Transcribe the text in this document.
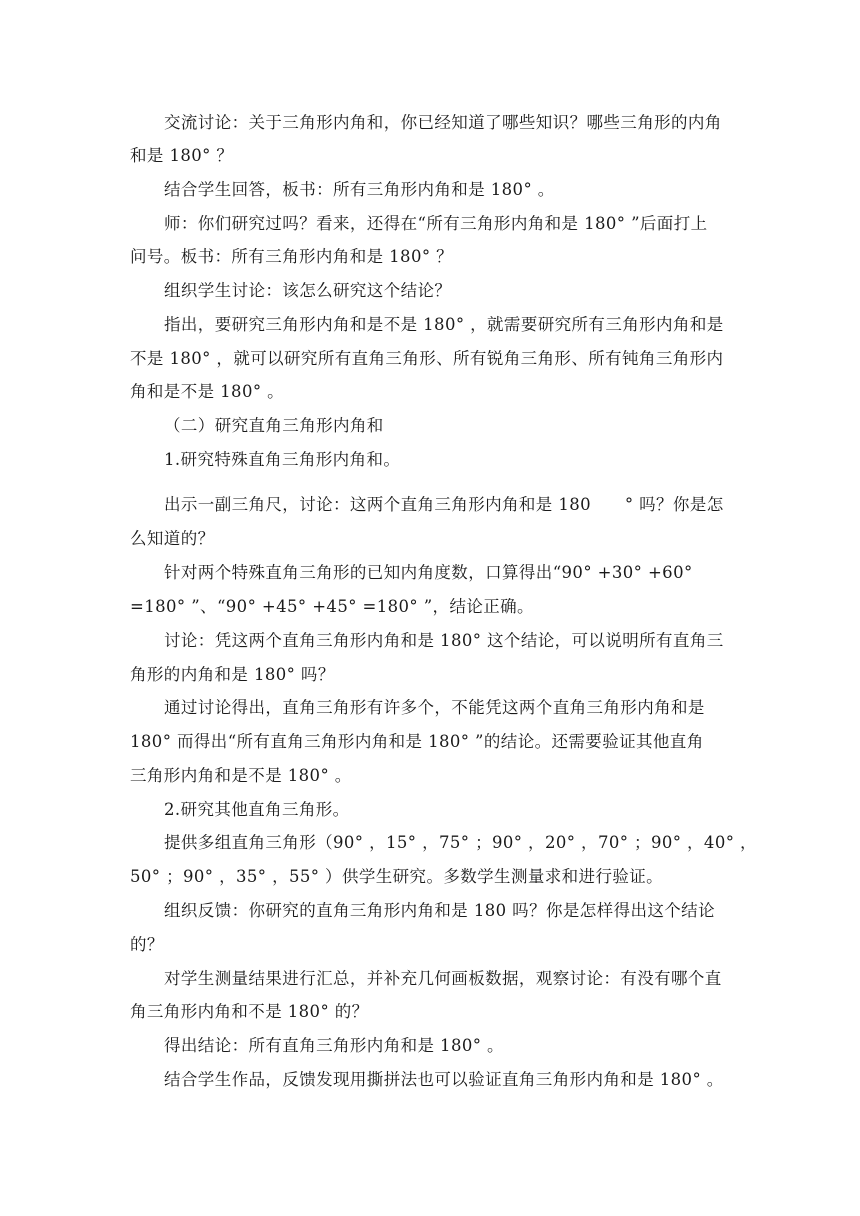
交流讨论：关于三角形内角和，你已经知道了哪些知识？哪些三角形的内角
和是 180° ？
结合学生回答，板书：所有三角形内角和是 180° 。
师：你们研究过吗？看来，还得在“所有三角形内角和是 180° ”后面打上
问号。板书：所有三角形内角和是 180° ？
组织学生讨论：该怎么研究这个结论？
指出，要研究三角形内角和是不是 180° ，就需要研究所有三角形内角和是
不是 180° ，就可以研究所有直角三角形、所有锐角三角形、所有钝角三角形内
角和是不是 180° 。
（二）研究直角三角形内角和
1.研究特殊直角三角形内角和。
出示一副三角尺，讨论：这两个直角三角形内角和是 180　　° 吗？你是怎
么知道的？
针对两个特殊直角三角形的已知内角度数，口算得出“90° +30° +60°
=180° ”、“90° +45° +45° =180° ”，结论正确。
讨论：凭这两个直角三角形内角和是 180° 这个结论，可以说明所有直角三
角形的内角和是 180° 吗？
通过讨论得出，直角三角形有许多个，不能凭这两个直角三角形内角和是
180° 而得出“所有直角三角形内角和是 180° ”的结论。还需要验证其他直角
三角形内角和是不是 180° 。
2.研究其他直角三角形。
提供多组直角三角形（90° ，15° ，75° ；90° ，20° ，70° ；90° ，40° ，
50° ；90° ，35° ，55° ）供学生研究。多数学生测量求和进行验证。
组织反馈：你研究的直角三角形内角和是 180 吗？你是怎样得出这个结论
的？
对学生测量结果进行汇总，并补充几何画板数据，观察讨论：有没有哪个直
角三角形内角和不是 180° 的？
得出结论：所有直角三角形内角和是 180° 。
结合学生作品，反馈发现用撕拼法也可以验证直角三角形内角和是 180° 。
